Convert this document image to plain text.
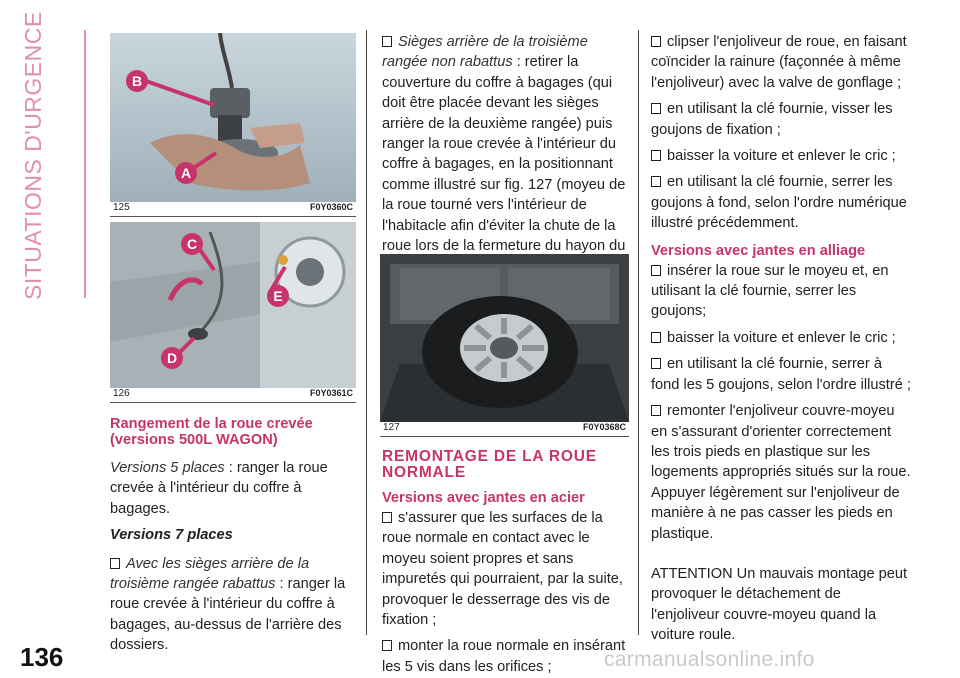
SITUATIONS D'URGENCE
136
B
A
125	F0Y0360C
C
E
D
126	F0Y0361C
Rangement de la roue crevée (versions 500L WAGON)

Versions 5 places : ranger la roue crevée à l'intérieur du coffre à bagages.

Versions 7 places

Avec les sièges arrière de la troisième rangée rabattus : ranger la roue crevée à l'intérieur du coffre à bagages, au-dessus de l'arrière des dossiers.

Sièges arrière de la troisième rangée non rabattus : retirer la couverture du coffre à bagages (qui doit être placée devant les sièges arrière de la deuxième rangée) puis ranger la roue crevée à l'intérieur du coffre à bagages, en la positionnant comme illustré sur fig. 127 (moyeu de la roue tourné vers l'intérieur de l'habitacle afin d'éviter la chute de la roue lors de la fermeture du hayon du

127	F0Y0368C
REMONTAGE DE LA ROUE NORMALE
Versions avec jantes en acier

s'assurer que les surfaces de la roue normale en contact avec le moyeu soient propres et sans impuretés qui pourraient, par la suite, provoquer le desserrage des vis de fixation ;

monter la roue normale en insérant les 5 vis dans les orifices ;

clipser l'enjoliveur de roue, en faisant coïncider la rainure (façonnée à même l'enjoliveur) avec la valve de gonflage ;

en utilisant la clé fournie, visser les goujons de fixation ;

baisser la voiture et enlever le cric ;

en utilisant la clé fournie, serrer les goujons à fond, selon l'ordre numérique illustré précédemment.

Versions avec jantes en alliage

insérer la roue sur le moyeu et, en utilisant la clé fournie, serrer les goujons;

baisser la voiture et enlever le cric ;

en utilisant la clé fournie, serrer à fond les 5 goujons, selon l'ordre illustré ;

remonter l'enjoliveur couvre-moyeu en s'assurant d'orienter correctement les trois pieds en plastique sur les logements appropriés situés sur la roue. Appuyer légèrement sur l'enjoliveur de manière à ne pas casser les pieds en plastique.

ATTENTION Un mauvais montage peut provoquer le détachement de l'enjoliveur couvre-moyeu quand la voiture roule.

carmanualsonline.info
